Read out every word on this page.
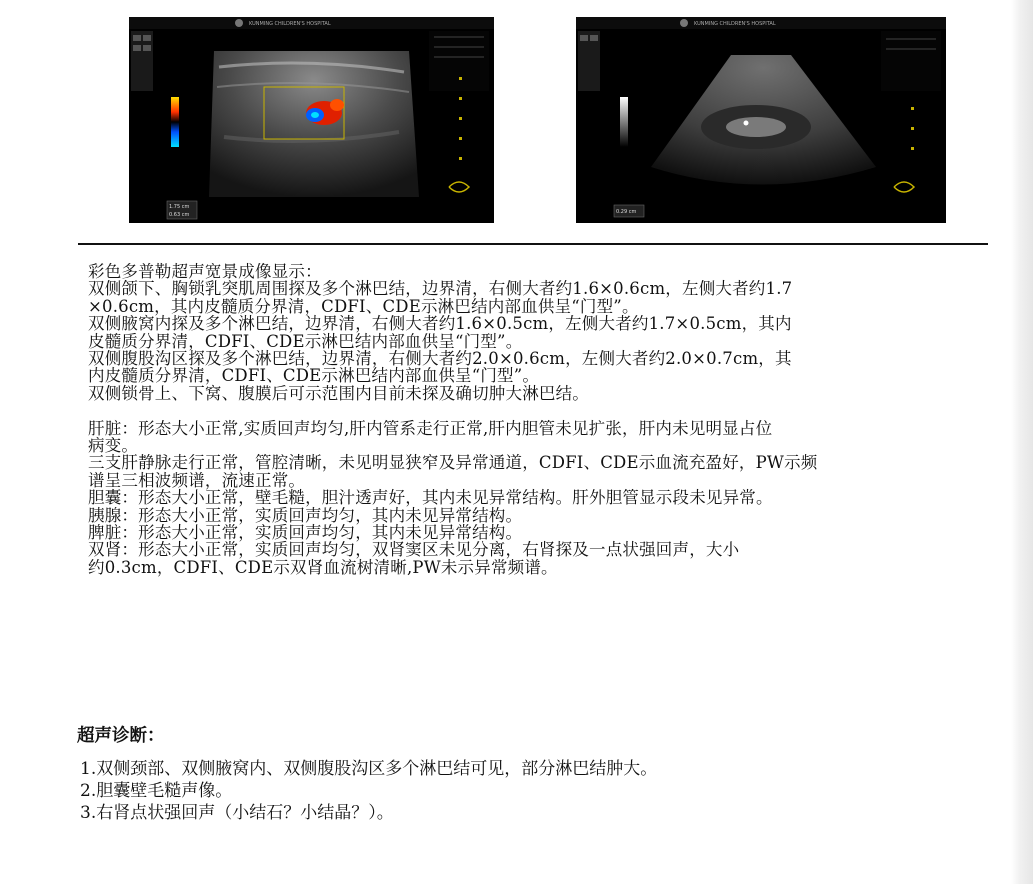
KUNMING CHILDREN'S HOSPITAL
1.75 cm
0.63 cm
KUNMING CHILDREN'S HOSPITAL
0.29 cm

彩色多普勒超声宽景成像显示：

双侧颌下、胸锁乳突肌周围探及多个淋巴结，边界清，右侧大者约1.6×0.6cm，左侧大者约1.7

×0.6cm，其内皮髓质分界清，CDFI、CDE示淋巴结内部血供呈“门型”。

双侧腋窝内探及多个淋巴结，边界清，右侧大者约1.6×0.5cm，左侧大者约1.7×0.5cm，其内

皮髓质分界清，CDFI、CDE示淋巴结内部血供呈“门型”。

双侧腹股沟区探及多个淋巴结，边界清，右侧大者约2.0×0.6cm，左侧大者约2.0×0.7cm，其

内皮髓质分界清，CDFI、CDE示淋巴结内部血供呈“门型”。

双侧锁骨上、下窝、腹膜后可示范围内目前未探及确切肿大淋巴结。

肝脏：形态大小正常,实质回声均匀,肝内管系走行正常,肝内胆管未见扩张，肝内未见明显占位

病变。

三支肝静脉走行正常，管腔清晰，未见明显狭窄及异常通道，CDFI、CDE示血流充盈好，PW示频

谱呈三相波频谱，流速正常。

胆囊：形态大小正常，壁毛糙，胆汁透声好，其内未见异常结构。肝外胆管显示段未见异常。

胰腺：形态大小正常，实质回声均匀，其内未见异常结构。

脾脏：形态大小正常，实质回声均匀，其内未见异常结构。

双肾：形态大小正常，实质回声均匀，双肾窦区未见分离，右肾探及一点状强回声，大小

约0.3cm，CDFI、CDE示双肾血流树清晰,PW未示异常频谱。

超声诊断：
1.双侧颈部、双侧腋窝内、双侧腹股沟区多个淋巴结可见，部分淋巴结肿大。
2.胆囊壁毛糙声像。
3.右肾点状强回声（小结石？小结晶？）。
